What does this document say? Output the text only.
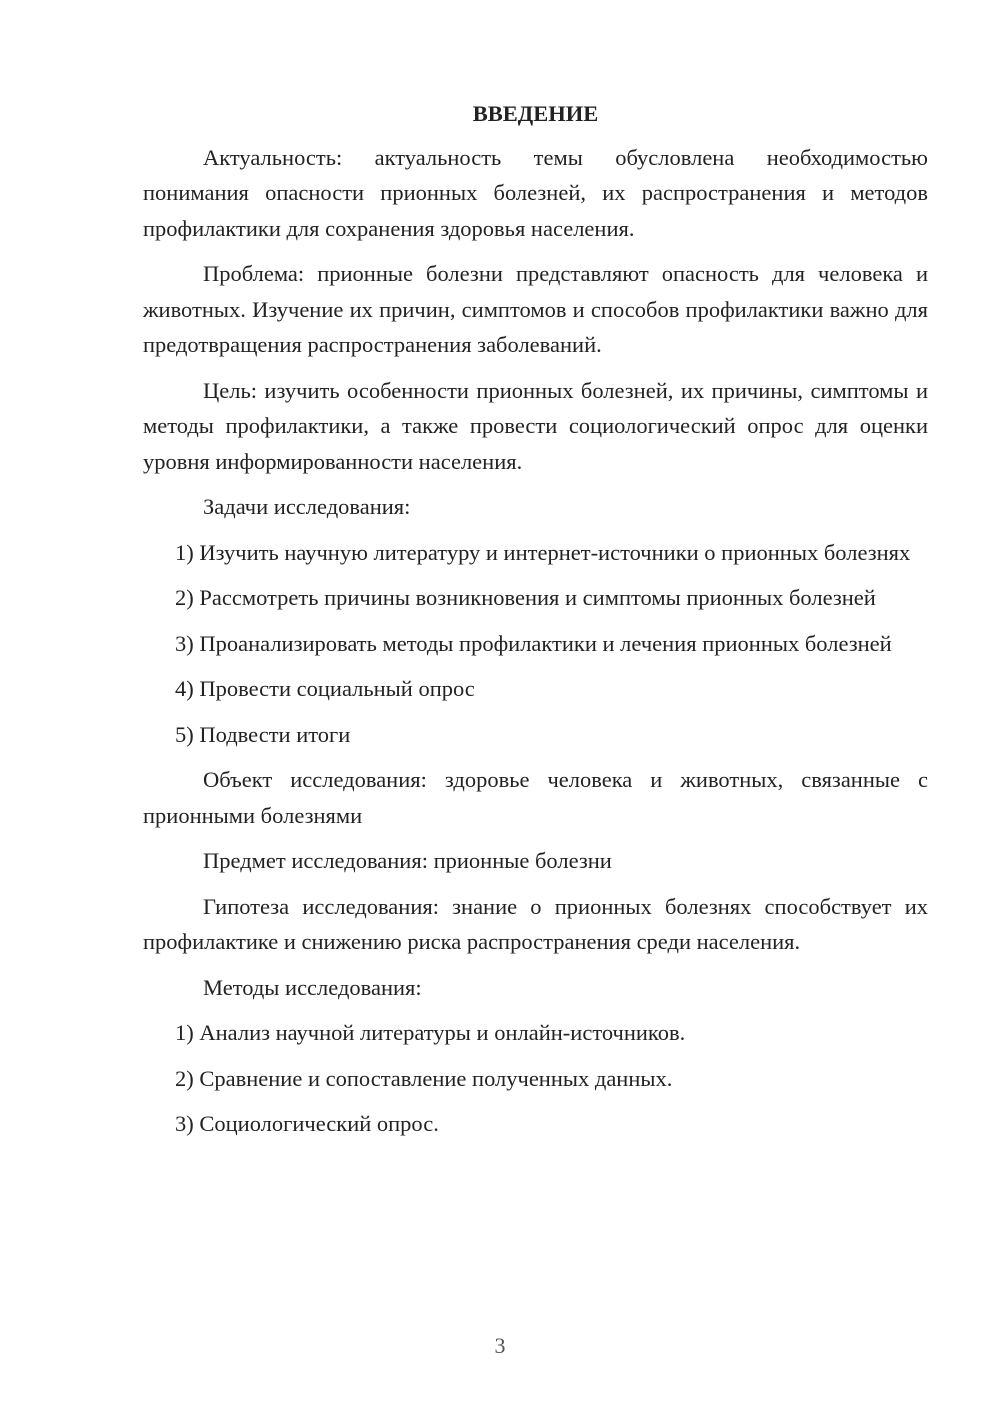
ВВЕДЕНИЕ
Актуальность: актуальность темы обусловлена необходимостью понимания опасности прионных болезней, их распространения и методов профилактики для сохранения здоровья населения.
Проблема: прионные болезни представляют опасность для человека и животных. Изучение их причин, симптомов и способов профилактики важно для предотвращения распространения заболеваний.
Цель: изучить особенности прионных болезней, их причины, симптомы и методы профилактики, а также провести социологический опрос для оценки уровня информированности населения.
Задачи исследования:
1) Изучить научную литературу и интернет-источники о прионных болезнях
2) Рассмотреть причины возникновения и симптомы прионных болезней
3) Проанализировать методы профилактики и лечения прионных болезней
4) Провести социальный опрос
5) Подвести итоги
Объект исследования: здоровье человека и животных, связанные с прионными болезнями
Предмет исследования: прионные болезни
Гипотеза исследования: знание о прионных болезнях способствует их профилактике и снижению риска распространения среди населения.
Методы исследования:
1) Анализ научной литературы и онлайн-источников.
2) Сравнение и сопоставление полученных данных.
3) Социологический опрос.
3
